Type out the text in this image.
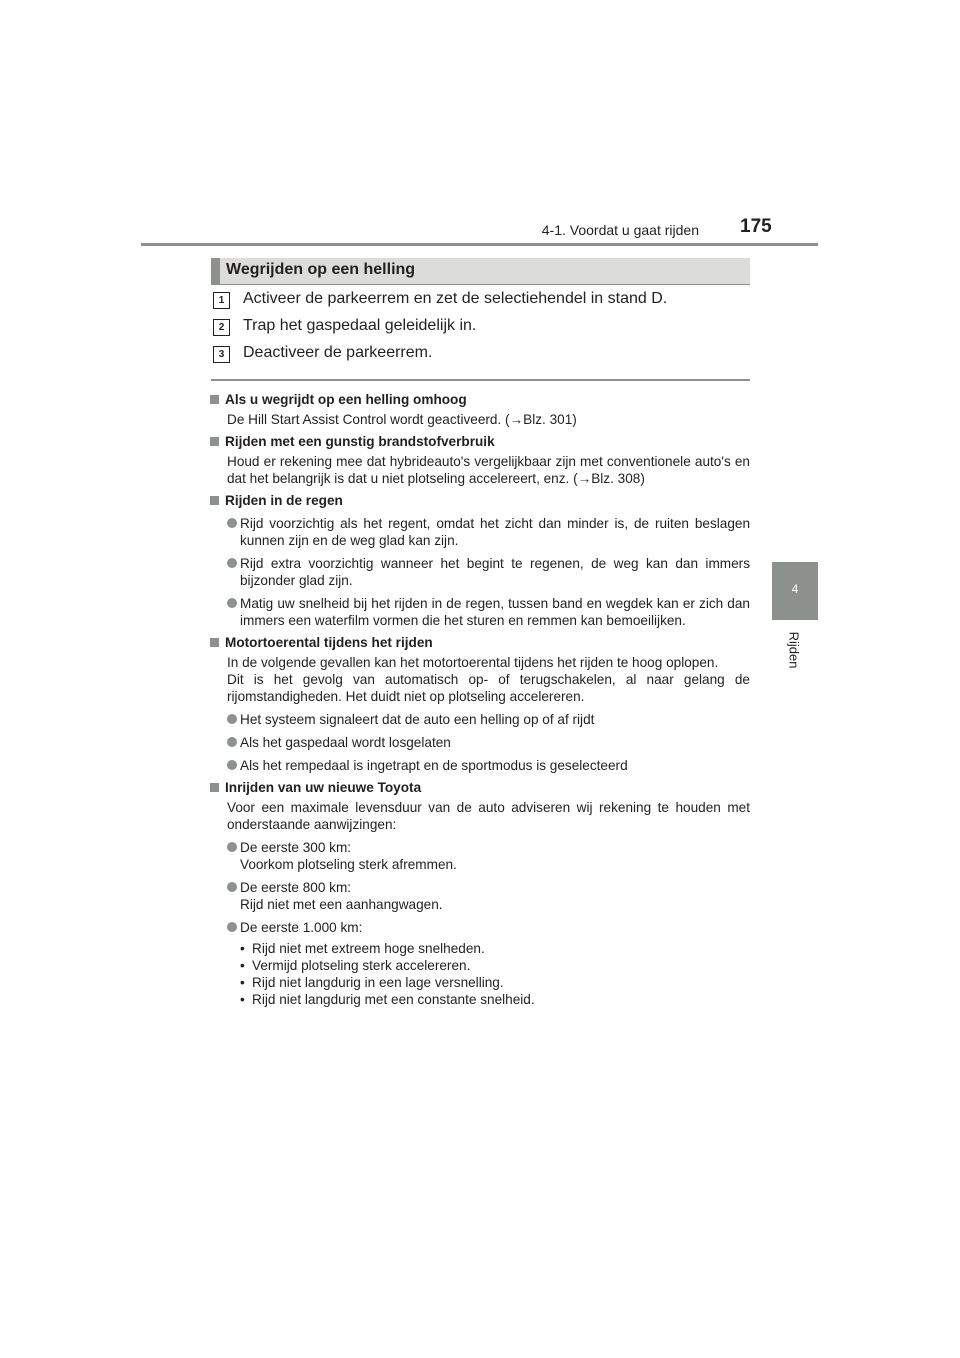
4-1. Voordat u gaat rijden 175
4
Rijden
Wegrijden op een helling
1	Activeer de parkeerrem en zet de selectiehendel in stand D.
2	Trap het gaspedaal geleidelijk in.
3	Deactiveer de parkeerrem.
Als u wegrijdt op een helling omhoog
De Hill Start Assist Control wordt geactiveerd. (→Blz. 301)
Rijden met een gunstig brandstofverbruik
Houd er rekening mee dat hybrideauto's vergelijkbaar zijn met conventionele auto's en dat het belangrijk is dat u niet plotseling accelereert, enz. (→Blz. 308)
Rijden in de regen
Rijd voorzichtig als het regent, omdat het zicht dan minder is, de ruiten beslagen kunnen zijn en de weg glad kan zijn.
Rijd extra voorzichtig wanneer het begint te regenen, de weg kan dan immers bijzonder glad zijn.
Matig uw snelheid bij het rijden in de regen, tussen band en wegdek kan er zich dan immers een waterfilm vormen die het sturen en remmen kan bemoeilijken.
Motortoerental tijdens het rijden
In de volgende gevallen kan het motortoerental tijdens het rijden te hoog oplopen.
Dit is het gevolg van automatisch op- of terugschakelen, al naar gelang de rijomstandigheden. Het duidt niet op plotseling accelereren.
Het systeem signaleert dat de auto een helling op of af rijdt
Als het gaspedaal wordt losgelaten
Als het rempedaal is ingetrapt en de sportmodus is geselecteerd
Inrijden van uw nieuwe Toyota
Voor een maximale levensduur van de auto adviseren wij rekening te houden met onderstaande aanwijzingen:
De eerste 300 km:
Voorkom plotseling sterk afremmen.
De eerste 800 km:
Rijd niet met een aanhangwagen.
De eerste 1.000 km:
• Rijd niet met extreem hoge snelheden.
• Vermijd plotseling sterk accelereren.
• Rijd niet langdurig in een lage versnelling.
• Rijd niet langdurig met een constante snelheid.
